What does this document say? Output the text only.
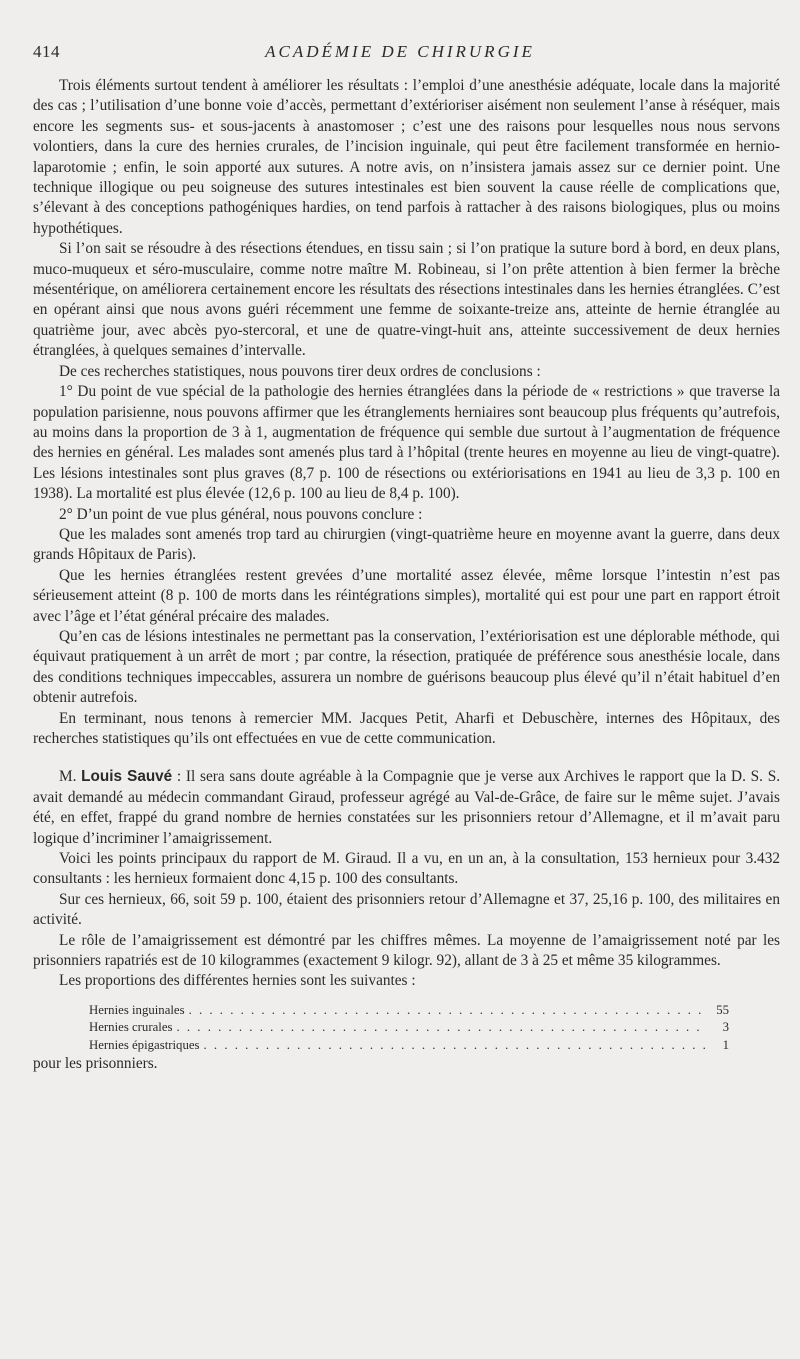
414	ACADÉMIE DE CHIRURGIE

Trois éléments surtout tendent à améliorer les résultats : l’emploi d’une anesthésie adéquate, locale dans la majorité des cas ; l’utilisation d’une bonne voie d’accès, permettant d’extérioriser aisément non seulement l’anse à réséquer, mais encore les segments sus- et sous-jacents à anastomoser ; c’est une des raisons pour lesquelles nous nous servons volontiers, dans la cure des hernies crurales, de l’incision inguinale, qui peut être facilement transformée en hernio-laparotomie ; enfin, le soin apporté aux sutures. A notre avis, on n’insistera jamais assez sur ce dernier point. Une technique illogique ou peu soigneuse des sutures intestinales est bien souvent la cause réelle de complications que, s’élevant à des conceptions pathogéniques hardies, on tend parfois à rattacher à des raisons biologiques, plus ou moins hypothétiques.

Si l’on sait se résoudre à des résections étendues, en tissu sain ; si l’on pratique la suture bord à bord, en deux plans, muco-muqueux et séro-musculaire, comme notre maître M. Robineau, si l’on prête attention à bien fermer la brèche mésentérique, on améliorera certainement encore les résultats des résections intestinales dans les hernies étranglées. C’est en opérant ainsi que nous avons guéri récemment une femme de soixante-treize ans, atteinte de hernie étranglée au quatrième jour, avec abcès pyo-stercoral, et une de quatre-vingt-huit ans, atteinte successivement de deux hernies étranglées, à quelques semaines d’intervalle.

De ces recherches statistiques, nous pouvons tirer deux ordres de conclusions :

1° Du point de vue spécial de la pathologie des hernies étranglées dans la période de « restrictions » que traverse la population parisienne, nous pouvons affirmer que les étranglements herniaires sont beaucoup plus fréquents qu’autrefois, au moins dans la proportion de 3 à 1, augmentation de fréquence qui semble due surtout à l’augmentation de fréquence des hernies en général. Les malades sont amenés plus tard à l’hôpital (trente heures en moyenne au lieu de vingt-quatre). Les lésions intestinales sont plus graves (8,7 p. 100 de résections ou extériorisations en 1941 au lieu de 3,3 p. 100 en 1938). La mortalité est plus élevée (12,6 p. 100 au lieu de 8,4 p. 100).

2° D’un point de vue plus général, nous pouvons conclure :

Que les malades sont amenés trop tard au chirurgien (vingt-quatrième heure en moyenne avant la guerre, dans deux grands Hôpitaux de Paris).

Que les hernies étranglées restent grevées d’une mortalité assez élevée, même lorsque l’intestin n’est pas sérieusement atteint (8 p. 100 de morts dans les réintégrations simples), mortalité qui est pour une part en rapport étroit avec l’âge et l’état général précaire des malades.

Qu’en cas de lésions intestinales ne permettant pas la conservation, l’extériorisation est une déplorable méthode, qui équivaut pratiquement à un arrêt de mort ; par contre, la résection, pratiquée de préférence sous anesthésie locale, dans des conditions techniques impeccables, assurera un nombre de guérisons beaucoup plus élevé qu’il n’était habituel d’en obtenir autrefois.

En terminant, nous tenons à remercier MM. Jacques Petit, Aharfi et Debuschère, internes des Hôpitaux, des recherches statistiques qu’ils ont effectuées en vue de cette communication.

M. Louis Sauvé : Il sera sans doute agréable à la Compagnie que je verse aux Archives le rapport que la D. S. S. avait demandé au médecin commandant Giraud, professeur agrégé au Val-de-Grâce, de faire sur le même sujet. J’avais été, en effet, frappé du grand nombre de hernies constatées sur les prisonniers retour d’Allemagne, et il m’avait paru logique d’incriminer l’amaigrissement.

Voici les points principaux du rapport de M. Giraud. Il a vu, en un an, à la consultation, 153 hernieux pour 3.432 consultants : les hernieux formaient donc 4,15 p. 100 des consultants.

Sur ces hernieux, 66, soit 59 p. 100, étaient des prisonniers retour d’Allemagne et 37, 25,16 p. 100, des militaires en activité.

Le rôle de l’amaigrissement est démontré par les chiffres mêmes. La moyenne de l’amaigrissement noté par les prisonniers rapatriés est de 10 kilogrammes (exactement 9 kilogr. 92), allant de 3 à 25 et même 35 kilogrammes.

Les proportions des différentes hernies sont les suivantes :

Hernies inguinales . . .	55
Hernies crurales . . .	3
Hernies épigastriques . . .	1

pour les prisonniers.
